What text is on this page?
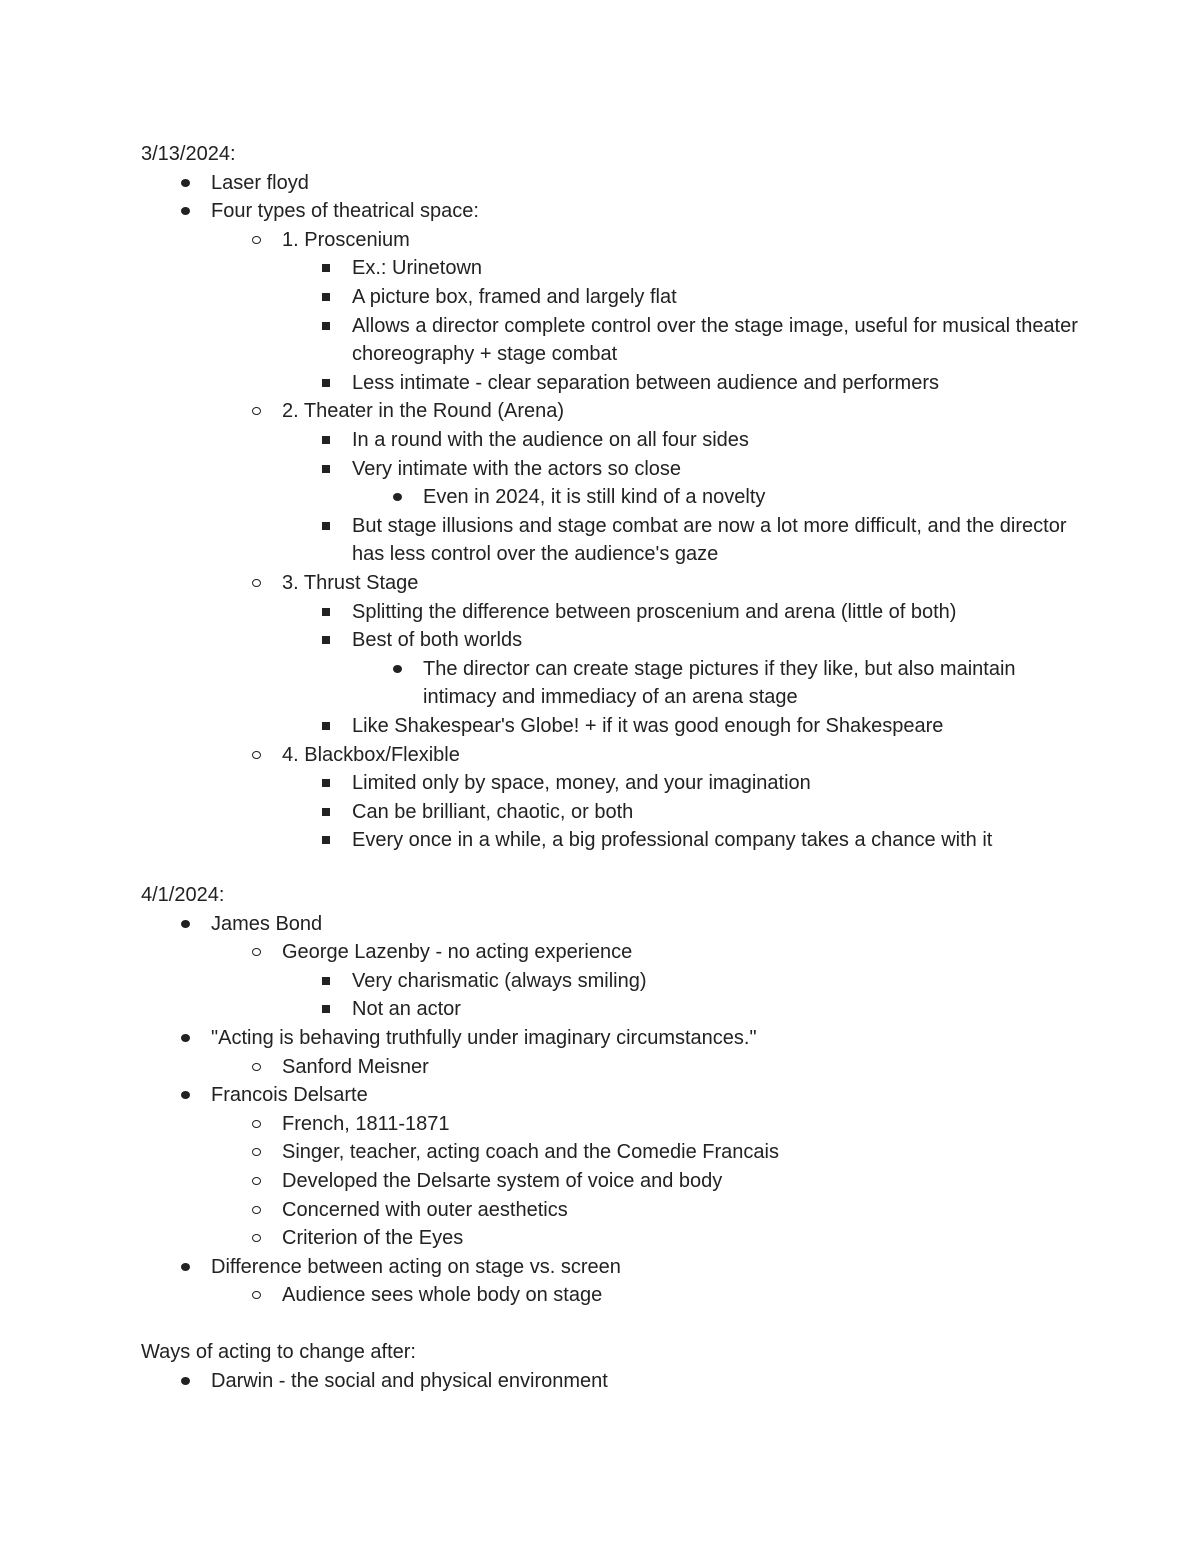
3/13/2024:
Laser floyd
Four types of theatrical space:
1. Proscenium
Ex.: Urinetown
A picture box, framed and largely flat
Allows a director complete control over the stage image, useful for musical theater choreography + stage combat
Less intimate - clear separation between audience and performers
2. Theater in the Round (Arena)
In a round with the audience on all four sides
Very intimate with the actors so close
Even in 2024, it is still kind of a novelty
But stage illusions and stage combat are now a lot more difficult, and the director has less control over the audience's gaze
3. Thrust Stage
Splitting the difference between proscenium and arena (little of both)
Best of both worlds
The director can create stage pictures if they like, but also maintain intimacy and immediacy of an arena stage
Like Shakespear's Globe! + if it was good enough for Shakespeare
4. Blackbox/Flexible
Limited only by space, money, and your imagination
Can be brilliant, chaotic, or both
Every once in a while, a big professional company takes a chance with it
4/1/2024:
James Bond
George Lazenby - no acting experience
Very charismatic (always smiling)
Not an actor
"Acting is behaving truthfully under imaginary circumstances."
Sanford Meisner
Francois Delsarte
French, 1811-1871
Singer, teacher, acting coach and the Comedie Francais
Developed the Delsarte system of voice and body
Concerned with outer aesthetics
Criterion of the Eyes
Difference between acting on stage vs. screen
Audience sees whole body on stage
Ways of acting to change after:
Darwin - the social and physical environment
